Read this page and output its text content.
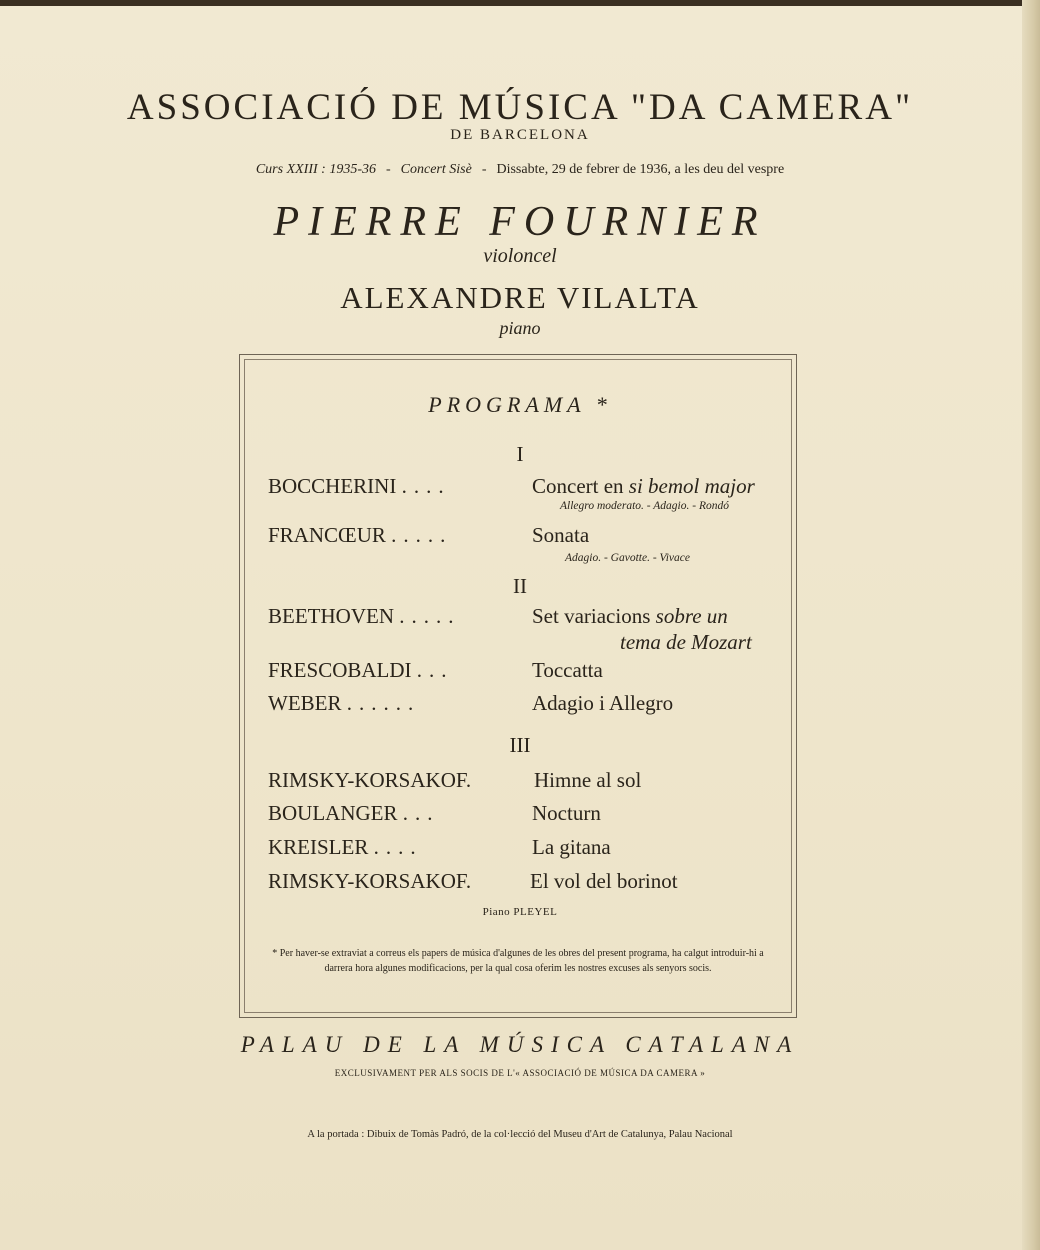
ASSOCIACIÓ DE MÚSICA "DA CAMERA"
DE BARCELONA
Curs XXIII : 1935-36 - Concert Sisè - Dissabte, 29 de febrer de 1936, a les deu del vespre
PIERRE FOURNIER
violoncel
ALEXANDRE VILALTA
piano
PROGRAMA *
I
BOCCHERINI ....	Concert en si bemol major
Allegro moderato. - Adagio. - Rondó
FRANCŒUR .....	Sonata
Adagio. - Gavotte. - Vivace
II
BEETHOVEN .....	Set variacions sobre un
tema de Mozart
FRESCOBALDI ...	Toccatta
WEBER ......	Adagio i Allegro
III
RIMSKY-KORSAKOF.	Himne al sol
BOULANGER ...	Nocturn
KREISLER ....	La gitana
RIMSKY-KORSAKOF.	El vol del borinot
Piano PLEYEL
* Per haver-se extraviat a correus els papers de música d'algunes de les obres del present programa, ha calgut introduir-hi a darrera hora algunes modificacions, per la qual cosa oferim les nostres excuses als senyors socis.
PALAU DE LA MÚSICA CATALANA
EXCLUSIVAMENT PER ALS SOCIS DE L'« ASSOCIACIÓ DE MÚSICA DA CAMERA »
A la portada : Dibuix de Tomàs Padró, de la col·lecció del Museu d'Art de Catalunya, Palau Nacional
